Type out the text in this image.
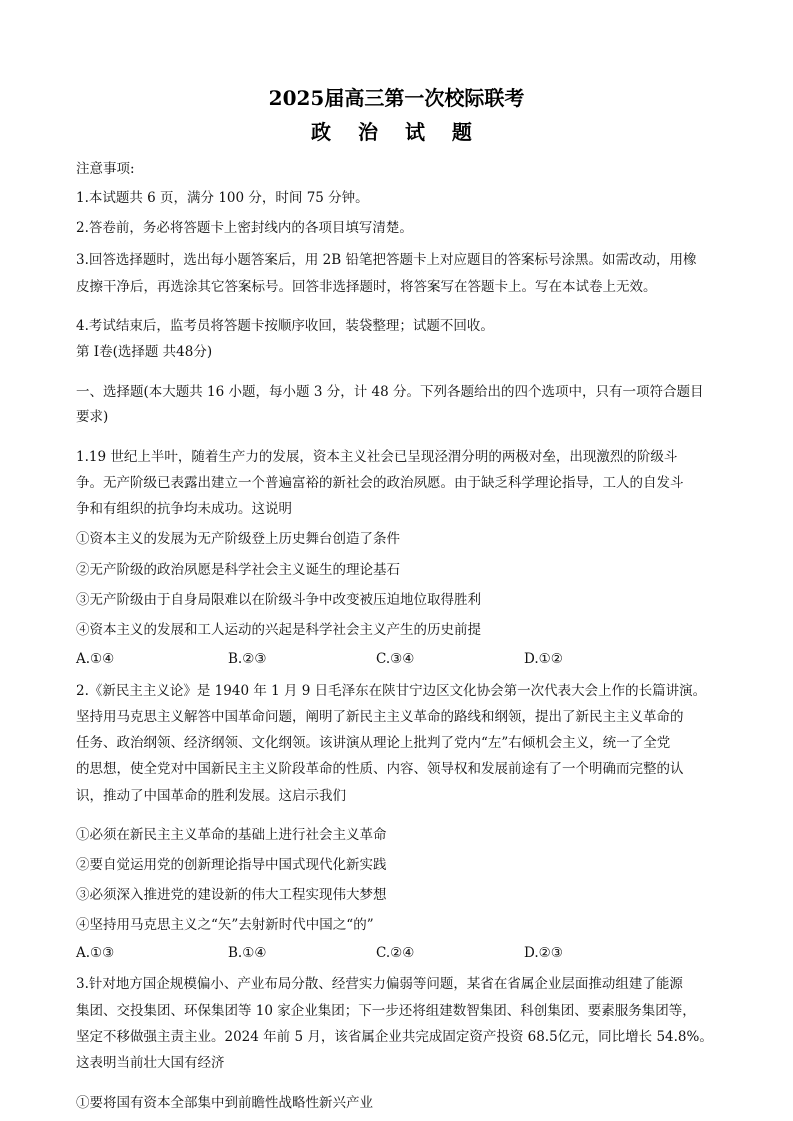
2025届高三第一次校际联考
政 治 试 题
注意事项:
1.本试题共 6 页，满分 100 分，时间 75 分钟。
2.答卷前，务必将答题卡上密封线内的各项目填写清楚。
3.回答选择题时，选出每小题答案后，用 2B 铅笔把答题卡上对应题目的答案标号涂黑。如需改动，用橡
皮擦干净后，再选涂其它答案标号。回答非选择题时，将答案写在答题卡上。写在本试卷上无效。
4.考试结束后，监考员将答题卡按顺序收回，装袋整理；试题不回收。
第 Ⅰ卷(选择题 共48分)
一、选择题(本大题共 16 小题，每小题 3 分，计 48 分。下列各题给出的四个选项中，只有一项符合题目
要求)
1.19 世纪上半叶，随着生产力的发展，资本主义社会已呈现泾渭分明的两极对垒，出现激烈的阶级斗
争。无产阶级已表露出建立一个普遍富裕的新社会的政治夙愿。由于缺乏科学理论指导，工人的自发斗
争和有组织的抗争均未成功。这说明
①资本主义的发展为无产阶级登上历史舞台创造了条件
②无产阶级的政治夙愿是科学社会主义诞生的理论基石
③无产阶级由于自身局限难以在阶级斗争中改变被压迫地位取得胜利
④资本主义的发展和工人运动的兴起是科学社会主义产生的历史前提
A.①④	B.②③	C.③④	D.①②
2.《新民主主义论》是 1940 年 1 月 9 日毛泽东在陕甘宁边区文化协会第一次代表大会上作的长篇讲演。
坚持用马克思主义解答中国革命问题，阐明了新民主主义革命的路线和纲领，提出了新民主主义革命的
任务、政治纲领、经济纲领、文化纲领。该讲演从理论上批判了党内“左”右倾机会主义，统一了全党
的思想，使全党对中国新民主主义阶段革命的性质、内容、领导权和发展前途有了一个明确而完整的认
识，推动了中国革命的胜利发展。这启示我们
①必须在新民主主义革命的基础上进行社会主义革命
②要自觉运用党的创新理论指导中国式现代化新实践
③必须深入推进党的建设新的伟大工程实现伟大梦想
④坚持用马克思主义之“矢”去射新时代中国之“的”
A.①③	B.①④	C.②④	D.②③
3.针对地方国企规模偏小、产业布局分散、经营实力偏弱等问题，某省在省属企业层面推动组建了能源
集团、交投集团、环保集团等 10 家企业集团；下一步还将组建数智集团、科创集团、要素服务集团等，
坚定不移做强主责主业。2024 年前 5 月，该省属企业共完成固定资产投资 68.5亿元，同比增长 54.8%。
这表明当前壮大国有经济
①要将国有资本全部集中到前瞻性战略性新兴产业
